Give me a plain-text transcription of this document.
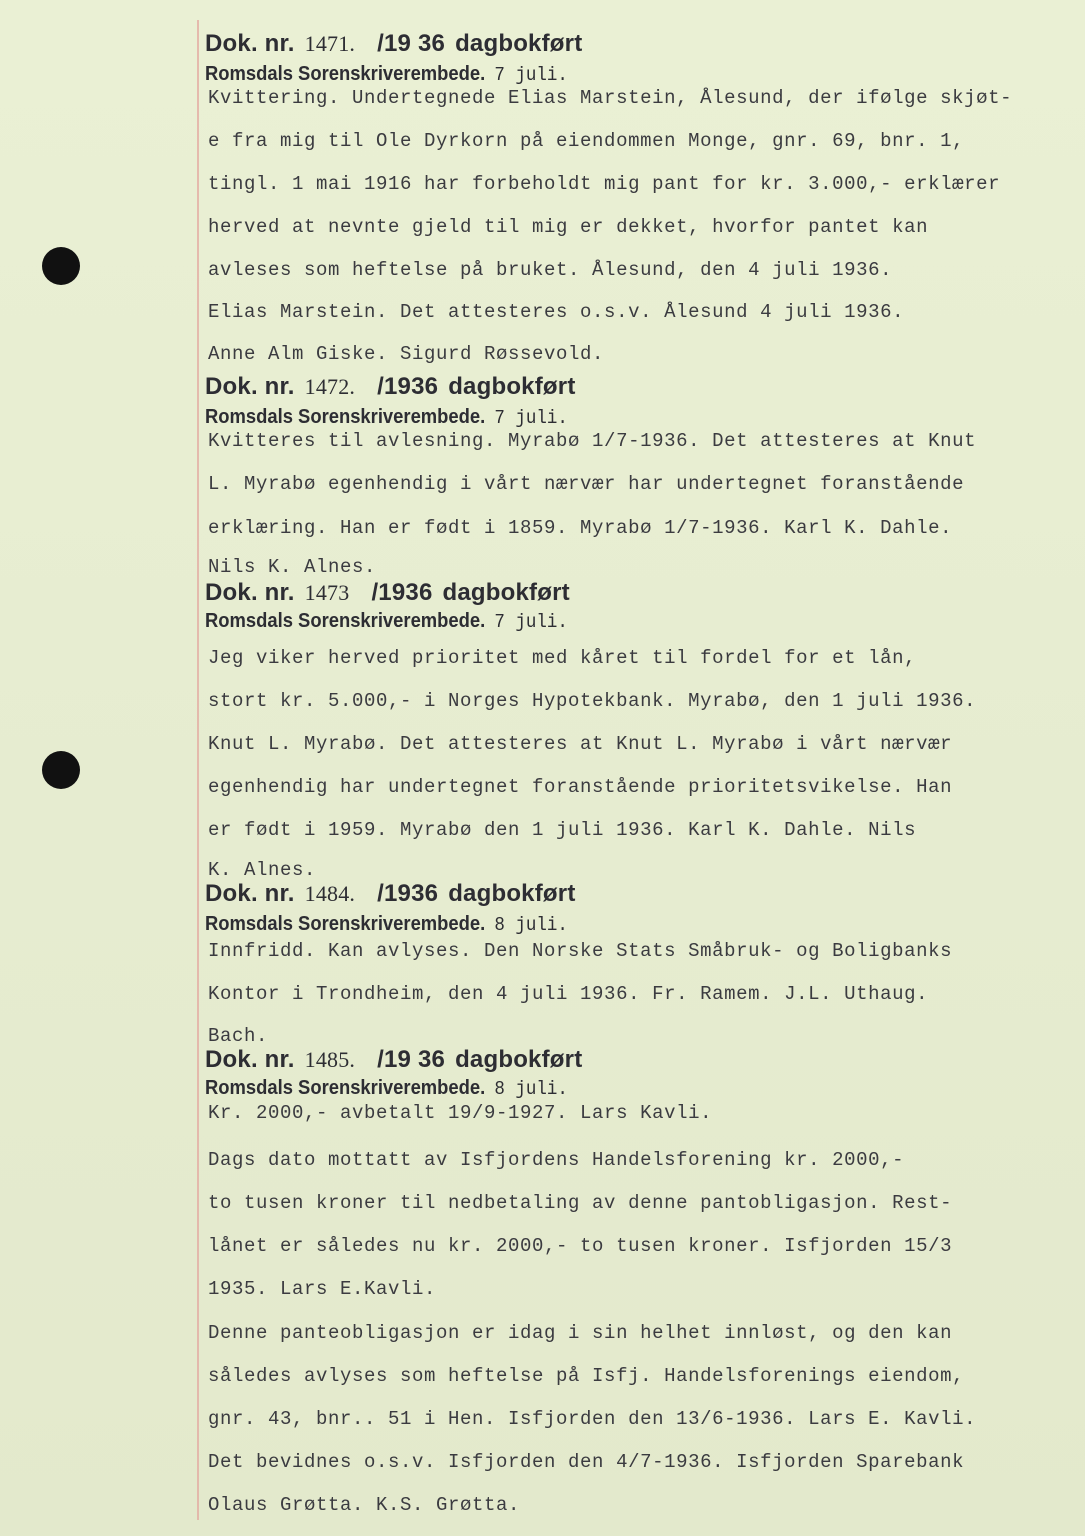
Dok. nr. 1471. /19 36 dagbokført
Romsdals Sorenskriverembede. 7 juli.
Kvittering. Undertegnede Elias Marstein, Ålesund, der ifølge skjøt-
e fra mig til Ole Dyrkorn på eiendommen Monge, gnr. 69, bnr. 1,
tingl. 1 mai 1916 har forbeholdt mig pant for kr. 3.000,- erklærer
herved at nevnte gjeld til mig er dekket, hvorfor pantet kan
avleses som heftelse på bruket. Ålesund, den 4 juli 1936.
Elias Marstein. Det attesteres o.s.v. Ålesund 4 juli 1936.
Anne Alm Giske. Sigurd Røssevold.
Dok. nr. 1472. /1936 dagbokført
Romsdals Sorenskriverembede. 7 juli.
Kvitteres til avlesning. Myrabø 1/7-1936. Det attesteres at Knut
L. Myrabø egenhendig i vårt nærvær har undertegnet foranstående
erklæring. Han er født i 1859. Myrabø 1/7-1936. Karl K. Dahle.
Nils K. Alnes.
Dok. nr. 1473 /1936 dagbokført
Romsdals Sorenskriverembede. 7 juli.
Jeg viker herved prioritet med kåret til fordel for et lån,
stort kr. 5.000,- i Norges Hypotekbank. Myrabø, den 1 juli 1936.
Knut L. Myrabø. Det attesteres at Knut L. Myrabø i vårt nærvær
egenhendig har undertegnet foranstående prioritetsvikelse. Han
er født i 1959. Myrabø den 1 juli 1936. Karl K. Dahle. Nils
K. Alnes.
Dok. nr. 1484. /1936 dagbokført
Romsdals Sorenskriverembede. 8 juli.
Innfridd. Kan avlyses. Den Norske Stats Småbruk- og Boligbanks
Kontor i Trondheim, den 4 juli 1936. Fr. Ramem. J.L. Uthaug.
Bach.
Dok. nr. 1485. /19 36 dagbokført
Romsdals Sorenskriverembede. 8 juli.
Kr. 2000,- avbetalt 19/9-1927. Lars Kavli.
Dags dato mottatt av Isfjordens Handelsforening kr. 2000,-
to tusen kroner til nedbetaling av denne pantobligasjon. Rest-
lånet er således nu kr. 2000,- to tusen kroner. Isfjorden 15/3
1935. Lars E.Kavli.
Denne panteobligasjon er idag i sin helhet innløst, og den kan
således avlyses som heftelse på Isfj. Handelsforenings eiendom,
gnr. 43, bnr.. 51 i Hen. Isfjorden den 13/6-1936. Lars E. Kavli.
Det bevidnes o.s.v. Isfjorden den 4/7-1936. Isfjorden Sparebank
Olaus Grøtta. K.S. Grøtta.
